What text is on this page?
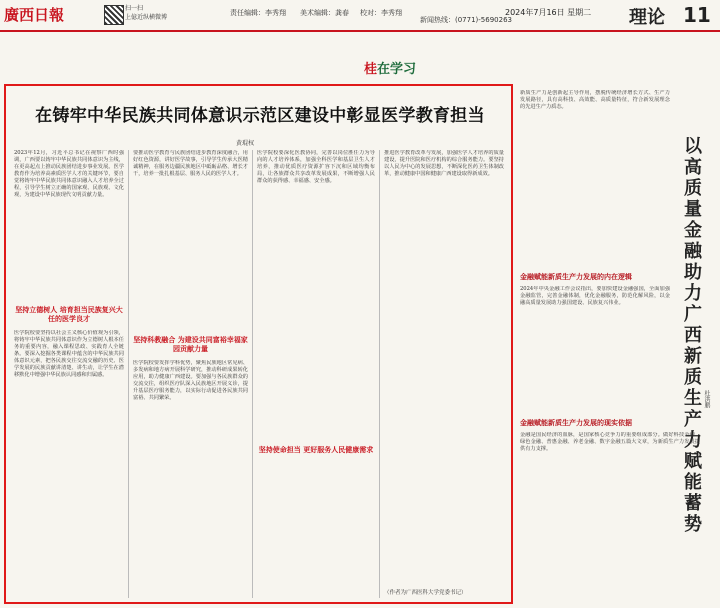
廣西日報	扫一扫
上億近纵横微博
责任编辑：李秀翔 美术编辑：龚春 校对：李秀翔
新闻热线：(0771)-5690263
2024年7月16日 星期二 理论 11
桂在学习
在铸牢中华民族共同体意识示范区建设中彰显医学教育担当
黄琨权
2023年12月，习近平总书记在视察广西时强调，广西要以铸牢中华民族共同体意识为主线，在更高起点上推动民族团结进步事业发展。医学教育作为培养高素质医学人才的关键环节，要自觉将铸牢中华民族共同体意识融入人才培养全过程，引导学生树立正确的国家观、民族观、文化观，为建设中华民族现代文明贡献力量。
坚持立德树人 培育担当民族复兴大任的医学良才
医学院校要坚持以社会主义核心价值观为引领，将铸牢中华民族共同体意识作为立德树人根本任务的重要内容，融入课程思政、实践育人全链条。要深入挖掘各类课程中蕴含的中华民族共同体意识元素，把各民族交往交流交融的历史、医学发展的民族贡献讲清楚、讲生动，让学生在潜移默化中增强中华民族认同感和归属感。
要推动医学教育与民族团结进步教育深度融合，用好红色资源，讲好医学故事，引导学生传承大医精诚精神，在服务边疆民族地区中砥砺品格、增长才干，培养一批扎根基层、服务人民的医学人才。
坚持科教融合 为建设共同富裕幸福家园贡献力量
医学院校要发挥学科优势，聚焦民族地区常见病、多发病和地方病开展科学研究，推动科研成果转化应用，助力健康广西建设。要加强与各民族群众的交流交往，组织医疗队深入民族地区开展义诊，提升基层医疗服务能力，以实际行动促进各民族共同富裕、共同繁荣。
医学院校要深化医教协同，完善以岗位胜任力为导向的人才培养体系，加强全科医学和基层卫生人才培养，推动优质医疗资源扩容下沉和区域均衡布局，让各族群众共享改革发展成果，不断增强人民群众的获得感、幸福感、安全感。
坚持使命担当 更好服务人民健康需求
推进医学教育改革与发展，加强医学人才培养的质量建设，提升医院和医疗机构的综合服务能力。要坚持以人民为中心的发展思想，不断深化医药卫生体制改革，推动健康中国和健康广西建设取得新成效。
（作者为广西医科大学党委书记）
新质生产力是创新起主导作用，摆脱传统经济增长方式、生产力发展路径，具有高科技、高效能、高质量特征，符合新发展理念的先进生产力质态。
以高质量金融助力广西新质生产力赋能蓄势
金融赋能新质生产力发展的内在逻辑
2024年中央金融工作会议指出，要加快建设金融强国，全面加强金融监管，完善金融体制，优化金融服务，防范化解风险，以金融高质量发展助力强国建设、民族复兴伟业。
金融赋能新质生产力发展的现实依据
金融是国民经济的血脉，是国家核心竞争力的重要组成部分。做好科技金融、绿色金融、普惠金融、养老金融、数字金融五篇大文章，为新质生产力发展提供有力支撑。
杜洪鹏
